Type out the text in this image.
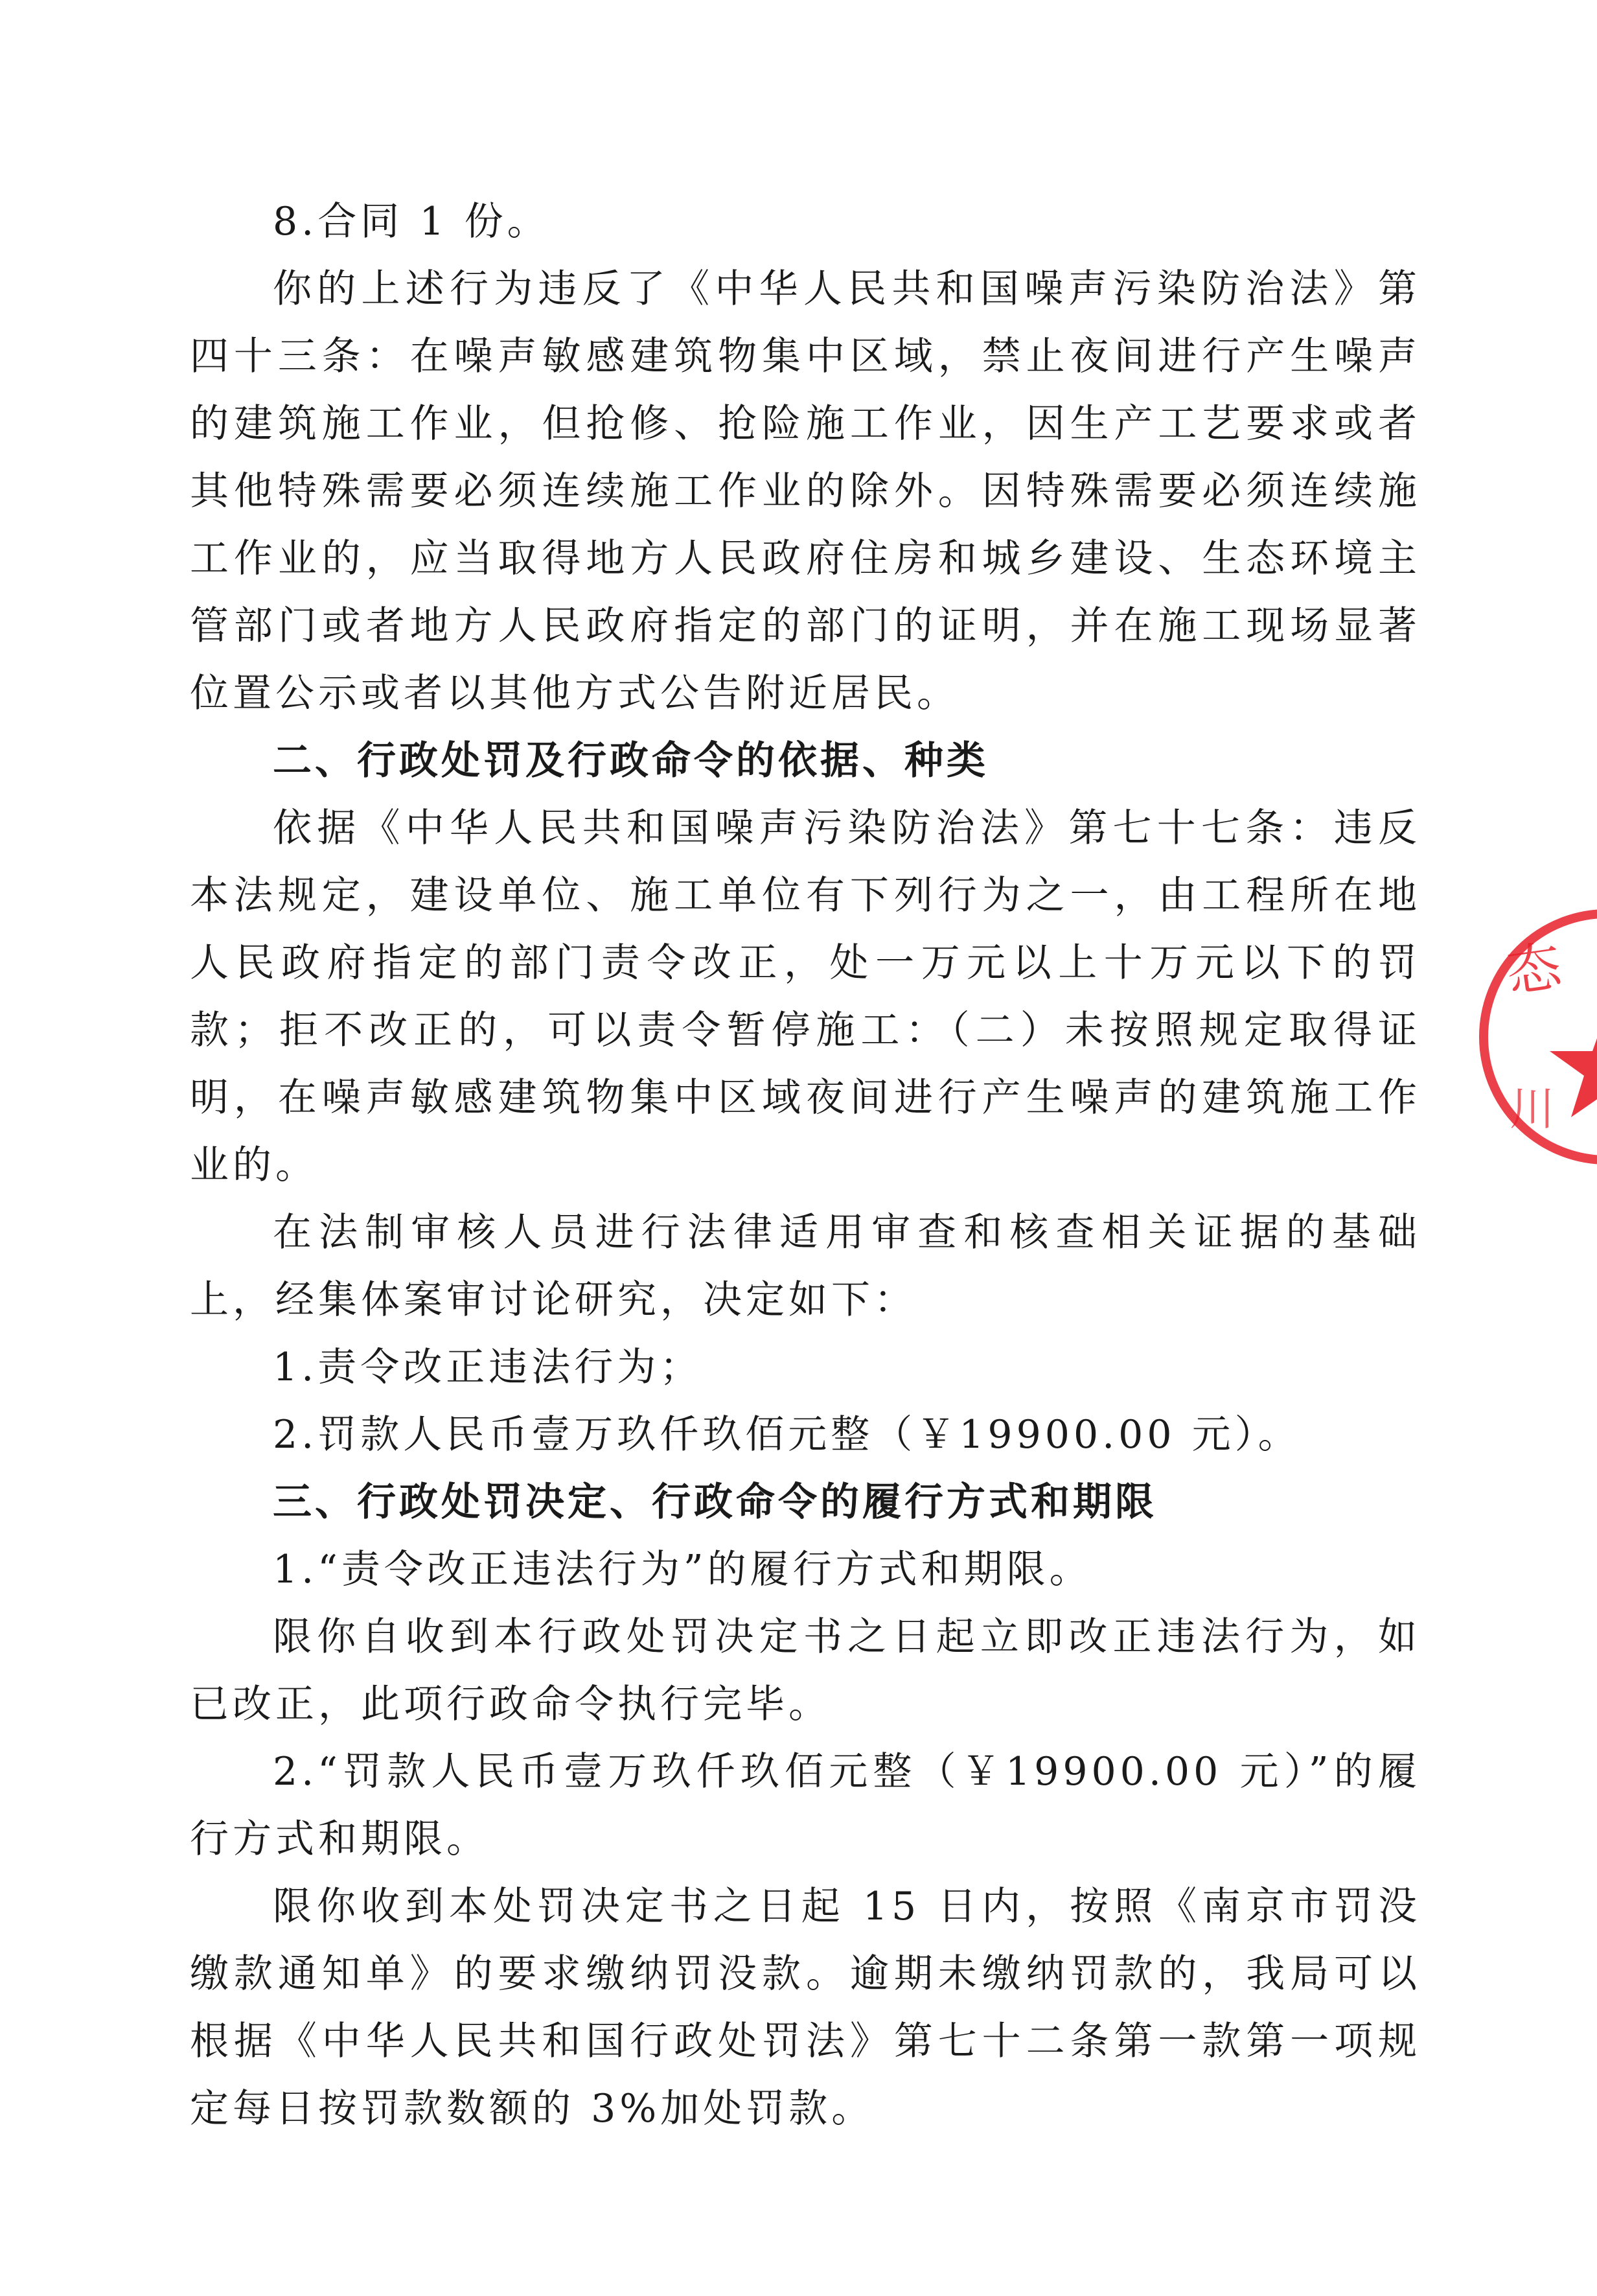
8.合同 1 份。

你的上述行为违反了《中华人民共和国噪声污染防治法》第四十三条：在噪声敏感建筑物集中区域，禁止夜间进行产生噪声的建筑施工作业，但抢修、抢险施工作业，因生产工艺要求或者其他特殊需要必须连续施工作业的除外。因特殊需要必须连续施工作业的，应当取得地方人民政府住房和城乡建设、生态环境主管部门或者地方人民政府指定的部门的证明，并在施工现场显著位置公示或者以其他方式公告附近居民。

二、行政处罚及行政命令的依据、种类

依据《中华人民共和国噪声污染防治法》第七十七条：违反本法规定，建设单位、施工单位有下列行为之一，由工程所在地人民政府指定的部门责令改正，处一万元以上十万元以下的罚款；拒不改正的，可以责令暂停施工：（二）未按照规定取得证明，在噪声敏感建筑物集中区域夜间进行产生噪声的建筑施工作业的。

在法制审核人员进行法律适用审查和核查相关证据的基础上，经集体案审讨论研究，决定如下：

1.责令改正违法行为；

2.罚款人民币壹万玖仟玖佰元整（￥19900.00 元）。

三、行政处罚决定、行政命令的履行方式和期限

1.“责令改正违法行为”的履行方式和期限。

限你自收到本行政处罚决定书之日起立即改正违法行为，如已改正，此项行政命令执行完毕。

2.“罚款人民币壹万玖仟玖佰元整（￥19900.00 元）”的履行方式和期限。

限你收到本处罚决定书之日起 15 日内，按照《南京市罚没缴款通知单》的要求缴纳罚没款。逾期未缴纳罚款的，我局可以根据《中华人民共和国行政处罚法》第七十二条第一款第一项规定每日按罚款数额的 3%加处罚款。

态
川
